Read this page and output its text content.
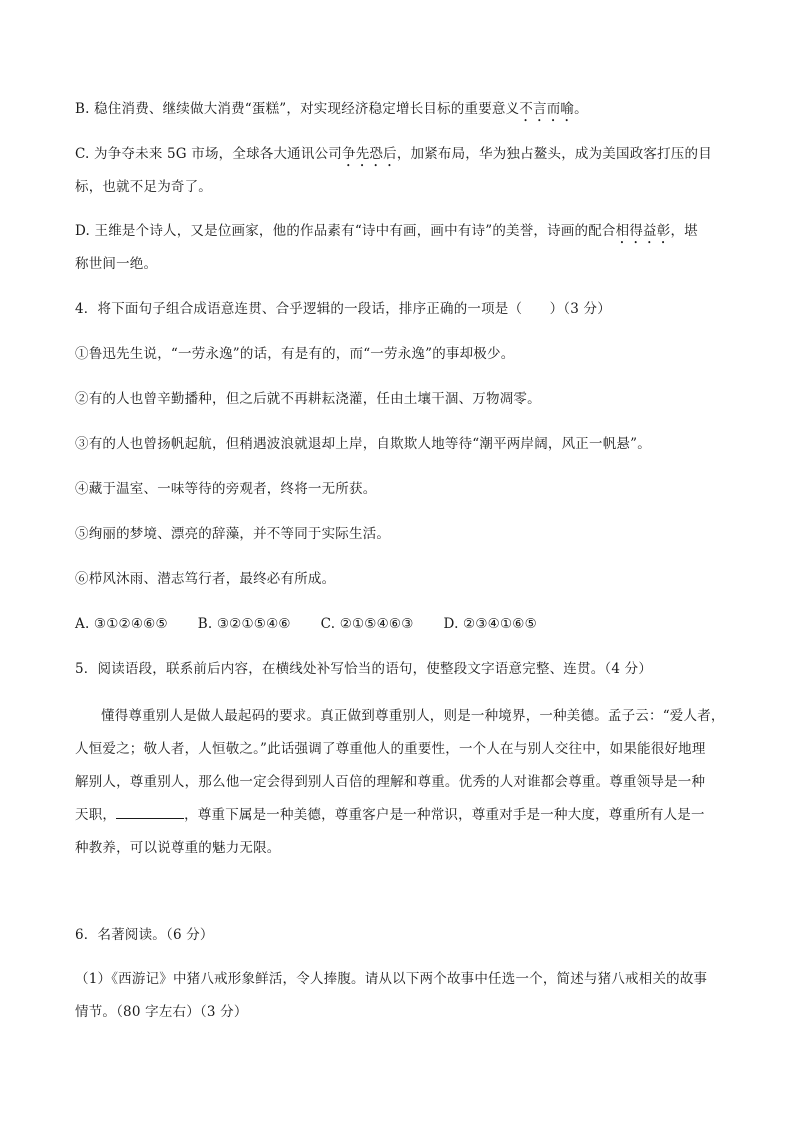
B. 稳住消费、继续做大消费“蛋糕”，对实现经济稳定增长目标的重要意义不言而喻。
C. 为争夺未来 5G 市场，全球各大通讯公司争先恐后，加紧布局，华为独占鳌头，成为美国政客打压的目
标，也就不足为奇了。
D. 王维是个诗人，又是位画家，他的作品素有“诗中有画，画中有诗”的美誉，诗画的配合相得益彰，堪
称世间一绝。
4．将下面句子组合成语意连贯、合乎逻辑的一段话，排序正确的一项是（　　）（3 分）
①鲁迅先生说，“一劳永逸”的话，有是有的，而“一劳永逸”的事却极少。
②有的人也曾辛勤播种，但之后就不再耕耘浇灌，任由土壤干涸、万物凋零。
③有的人也曾扬帆起航，但稍遇波浪就退却上岸，自欺欺人地等待“潮平两岸阔，风正一帆悬”。
④藏于温室、一味等待的旁观者，终将一无所获。
⑤绚丽的梦境、漂亮的辞藻，并不等同于实际生活。
⑥栉风沐雨、潜志笃行者，最终必有所成。
A. ③①②④⑥⑤ B. ③②①⑤④⑥ C. ②①⑤④⑥③ D. ②③④①⑥⑤
5．阅读语段，联系前后内容，在横线处补写恰当的语句，使整段文字语意完整、连贯。（4 分）
懂得尊重别人是做人最起码的要求。真正做到尊重别人，则是一种境界，一种美德。孟子云：“爱人者，
人恒爱之；敬人者，人恒敬之。”此话强调了尊重他人的重要性，一个人在与别人交往中，如果能很好地理
解别人，尊重别人，那么他一定会得到别人百倍的理解和尊重。优秀的人对谁都会尊重。尊重领导是一种
天职，	，尊重下属是一种美德，尊重客户是一种常识，尊重对手是一种大度，尊重所有人是一
种教养，可以说尊重的魅力无限。
6．名著阅读。（6 分）
（1）《西游记》中猪八戒形象鲜活，令人捧腹。请从以下两个故事中任选一个，简述与猪八戒相关的故事
情节。（80 字左右）（3 分）
